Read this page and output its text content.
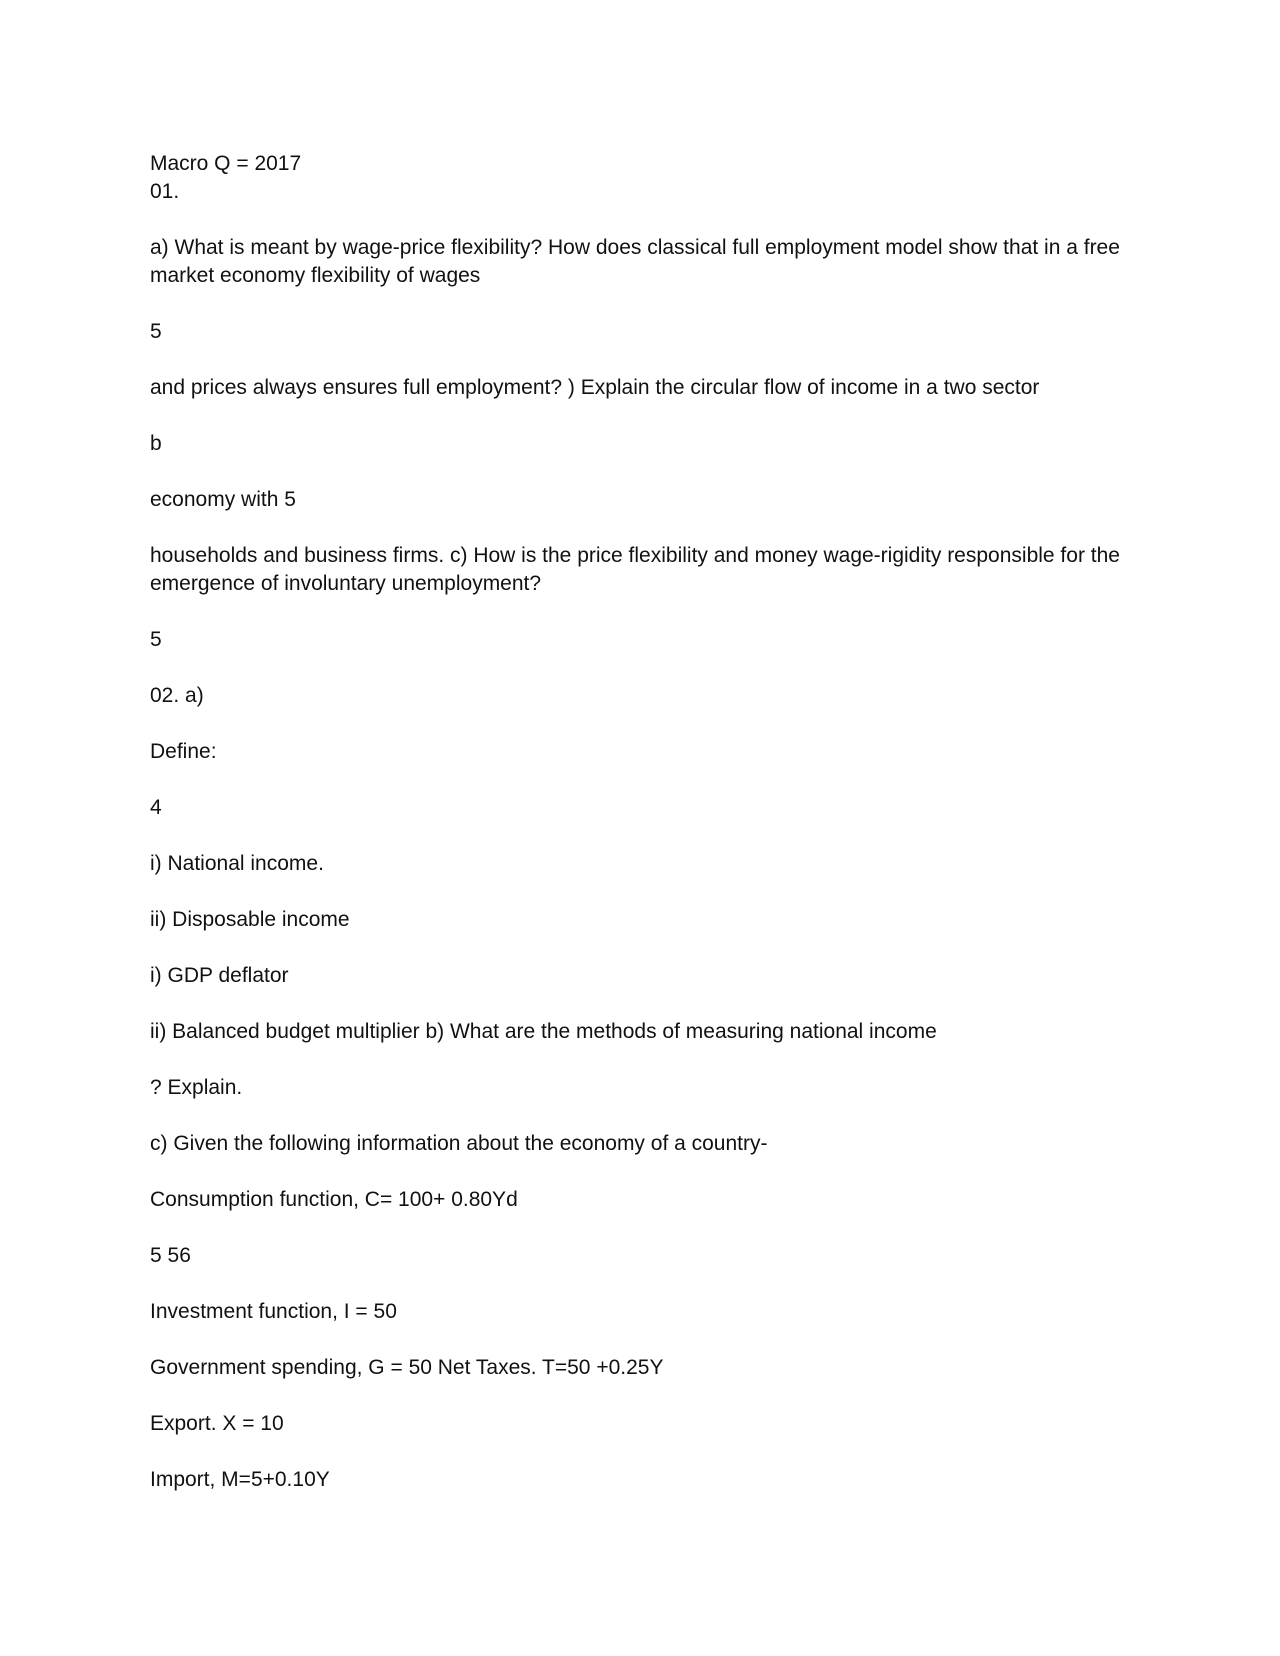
Macro Q = 2017
01.
a) What is meant by wage-price flexibility? How does classical full employment model show that in a free market economy flexibility of wages
5
and prices always ensures full employment? ) Explain the circular flow of income in a two sector
b
economy with 5
households and business firms. c) How is the price flexibility and money wage-rigidity responsible for the emergence of involuntary unemployment?
5
02. a)
Define:
4
i) National income.
ii) Disposable income
i) GDP deflator
ii) Balanced budget multiplier b) What are the methods of measuring national income
? Explain.
c) Given the following information about the economy of a country-
Consumption function, C= 100+ 0.80Yd
5 56
Investment function, I = 50
Government spending, G = 50 Net Taxes. T=50 +0.25Y
Export. X = 10
Import, M=5+0.10Y
